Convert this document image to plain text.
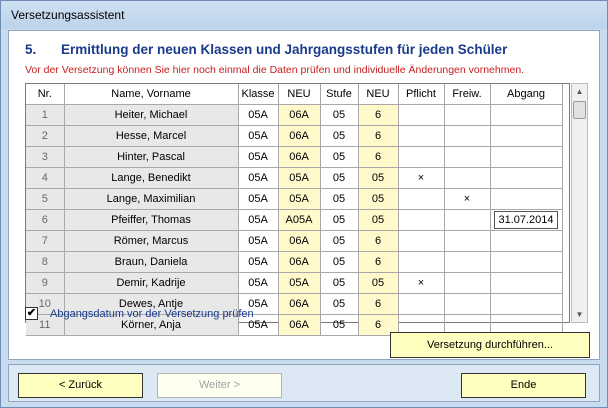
Versetzungsassistent
5. Ermittlung der neuen Klassen und Jahrgangsstufen für jeden Schüler
Vor der Versetzung können Sie hier noch einmal die Daten prüfen und individuelle Änderungen vornehmen.
Nr.	Name, Vorname	Klasse	NEU	Stufe	NEU	Pflicht	Freiw.	Abgang
1	Heiter, Michael	05A	06A	05	6			
2	Hesse, Marcel	05A	06A	05	6			
3	Hinter, Pascal	05A	06A	05	6			
4	Lange, Benedikt	05A	05A	05	05	×		
5	Lange, Maximilian	05A	05A	05	05		×	
6	Pfeiffer, Thomas	05A	A05A	05	05			31.07.2014
7	Römer, Marcus	05A	06A	05	6			
8	Braun, Daniela	05A	06A	05	6			
9	Demir, Kadrije	05A	05A	05	05	×		
10	Dewes, Antje	05A	06A	05	6			
11	Körner, Anja	05A	06A	05	6			
▲
▼
✔ Abgangsdatum vor der Versetzung prüfen
Versetzung durchführen...
< Zurück	Weiter >	Ende
